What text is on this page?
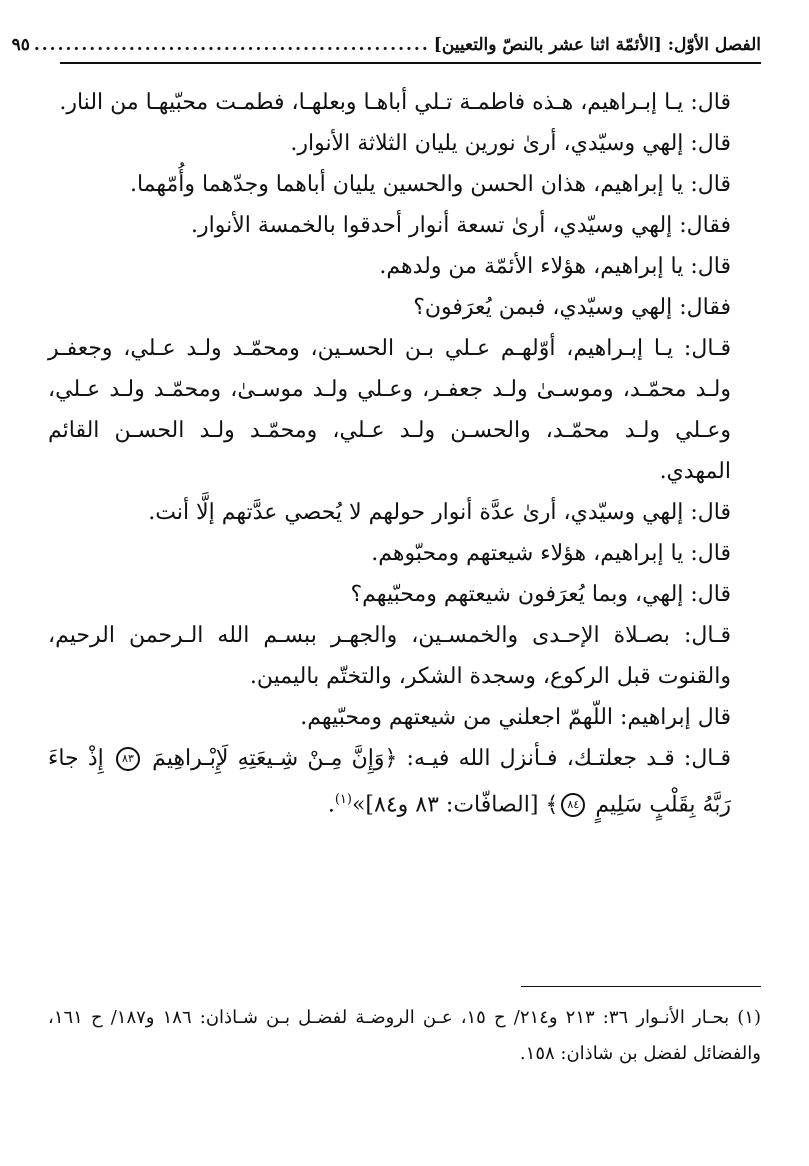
الفصل الأوّل: [الأئمّة اثنا عشر بالنصّ والتعيين]
..................................................
٩٥

قال: يـا إبـراهيم، هـذه فاطمـة تـلي أباهـا وبعلهـا، فطمـت محبّيهـا من النار.

قال: إلهي وسيّدي، أرىٰ نورين يليان الثلاثة الأنوار.

قال: يا إبراهيم، هذان الحسن والحسين يليان أباهما وجدّهما وأُمّهما.

فقال: إلهي وسيّدي، أرىٰ تسعة أنوار أحدقوا بالخمسة الأنوار.

قال: يا إبراهيم، هؤلاء الأئمّة من ولدهم.

فقال: إلهي وسيّدي، فبمن يُعرَفون؟

قـال: يـا إبـراهيم، أوّلهـم عـلي بـن الحسـين، ومحمّـد ولـد عـلي، وجعفـر ولـد محمّـد، وموسـىٰ ولـد جعفـر، وعـلي ولـد موسـىٰ، ومحمّـد ولـد عـلي، وعـلي ولـد محمّـد، والحسـن ولـد عـلي، ومحمّـد ولـد الحسـن القائم المهدي.

قال: إلهي وسيّدي، أرىٰ عدَّة أنوار حولهم لا يُحصي عدَّتهم إلَّا أنت.

قال: يا إبراهيم، هؤلاء شيعتهم ومحبّوهم.

قال: إلهي، وبما يُعرَفون شيعتهم ومحبّيهم؟

قـال: بصـلاة الإحـدى والخمسـين، والجهـر ببسـم الله الـرحمن الرحيم، والقنوت قبل الركوع، وسجدة الشكر، والتختّم باليمين.

قال إبراهيم: اللّهمّ اجعلني من شيعتهم ومحبّيهم.

قـال: قـد جعلتـك، فـأنزل الله فيـه: ﴿وَإِنَّ مِـنْ شِـيعَتِهِ لَإِبْـراهِيمَ ٨٣ إِذْ جاءَ رَبَّهُ بِقَلْبٍ سَلِيمٍ ٨٤﴾ [الصافّات: ٨٣ و٨٤]»$^{(١)}$.

(١) بحـار الأنـوار ٣٦: ٢١٣ و٢١٤/ ح ١٥، عـن الروضـة لفضـل بـن شـاذان: ١٨٦ و١٨٧/ ح ١٦١، والفضائل لفضل بن شاذان: ١٥٨.
